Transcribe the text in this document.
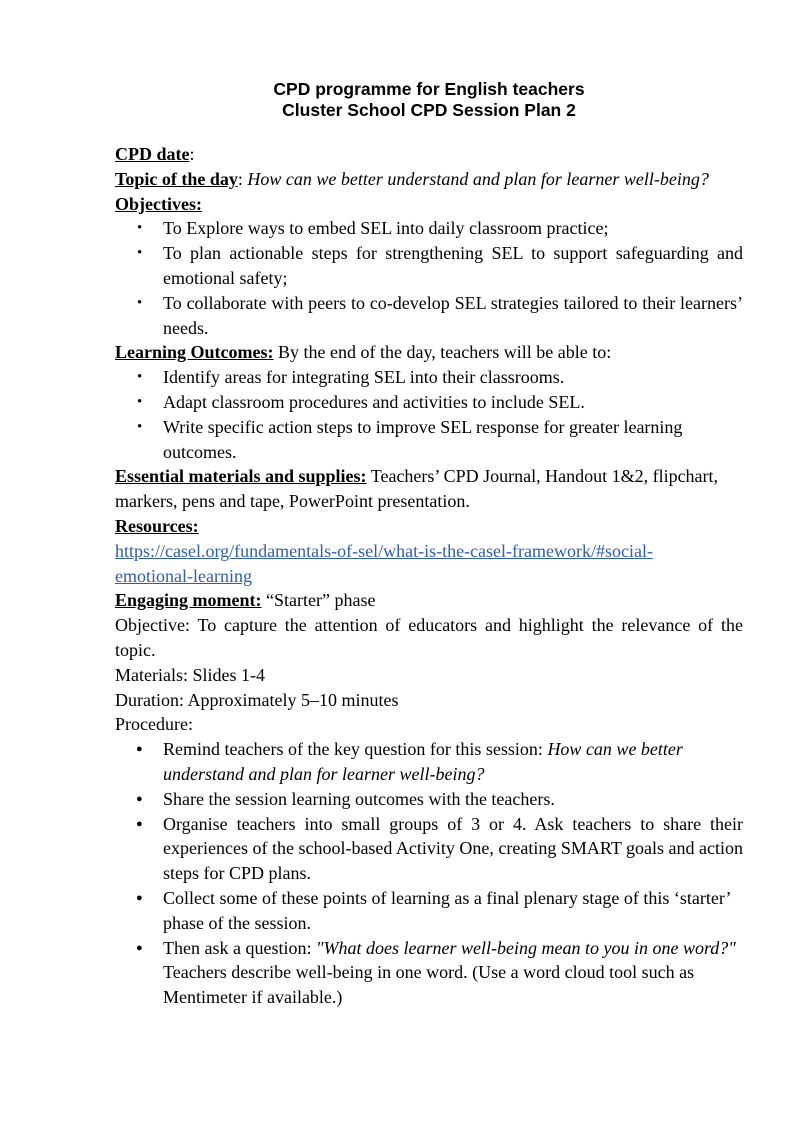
CPD programme for English teachers

Cluster School CPD Session Plan 2

CPD date:

Topic of the day: How can we better understand and plan for learner well-being?

Objectives:

• To Explore ways to embed SEL into daily classroom practice;
• To plan actionable steps for strengthening SEL to support safeguarding and emotional safety;
• To collaborate with peers to co-develop SEL strategies tailored to their learners’ needs.

Learning Outcomes: By the end of the day, teachers will be able to:

• Identify areas for integrating SEL into their classrooms.
• Adapt classroom procedures and activities to include SEL.
• Write specific action steps to improve SEL response for greater learning outcomes.

Essential materials and supplies: Teachers’ CPD Journal, Handout 1&2, flipchart, markers, pens and tape, PowerPoint presentation.

Resources:

https://casel.org/fundamentals-of-sel/what-is-the-casel-framework/#social-
emotional-learning

Engaging moment: “Starter” phase

Objective: To capture the attention of educators and highlight the relevance of the topic.

Materials: Slides 1-4

Duration: Approximately 5–10 minutes

Procedure:

● Remind teachers of the key question for this session: How can we better understand and plan for learner well-being?
● Share the session learning outcomes with the teachers.
● Organise teachers into small groups of 3 or 4. Ask teachers to share their experiences of the school-based Activity One, creating SMART goals and action steps for CPD plans.
● Collect some of these points of learning as a final plenary stage of this ‘starter’ phase of the session.
● Then ask a question: "What does learner well-being mean to you in one word?" Teachers describe well-being in one word. (Use a word cloud tool such as Mentimeter if available.)
